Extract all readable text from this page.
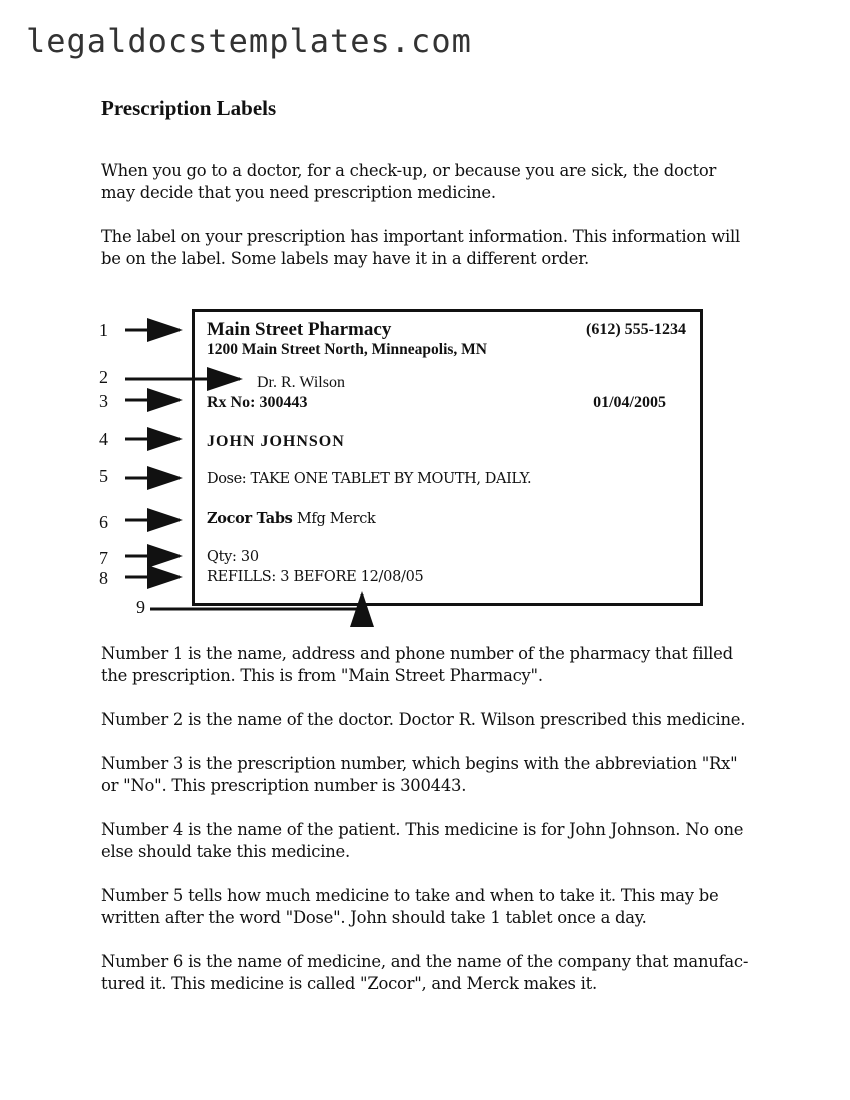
legaldocstemplates.com
Prescription Labels

When you go to a doctor, for a check-up, or because you are sick, the doctor
may decide that you need prescription medicine.

The label on your prescription has important information. This information will
be on the label. Some labels may have it in a different order.

1
2
3
4
5
6
7
8
9
Main Street Pharmacy	(612) 555-1234
1200 Main Street North, Minneapolis, MN
Dr. R. Wilson
Rx No: 300443	01/04/2005
JOHN JOHNSON
Dose: TAKE ONE TABLET BY MOUTH, DAILY.
Zocor Tabs Mfg Merck
Qty: 30
REFILLS: 3 BEFORE 12/08/05

Number 1 is the name, address and phone number of the pharmacy that filled
the prescription. This is from "Main Street Pharmacy".

Number 2 is the name of the doctor. Doctor R. Wilson prescribed this medicine.

Number 3 is the prescription number, which begins with the abbreviation "Rx"
or "No". This prescription number is 300443.

Number 4 is the name of the patient. This medicine is for John Johnson. No one
else should take this medicine.

Number 5 tells how much medicine to take and when to take it. This may be
written after the word "Dose". John should take 1 tablet once a day.

Number 6 is the name of medicine, and the name of the company that manufac-
tured it. This medicine is called "Zocor", and Merck makes it.
